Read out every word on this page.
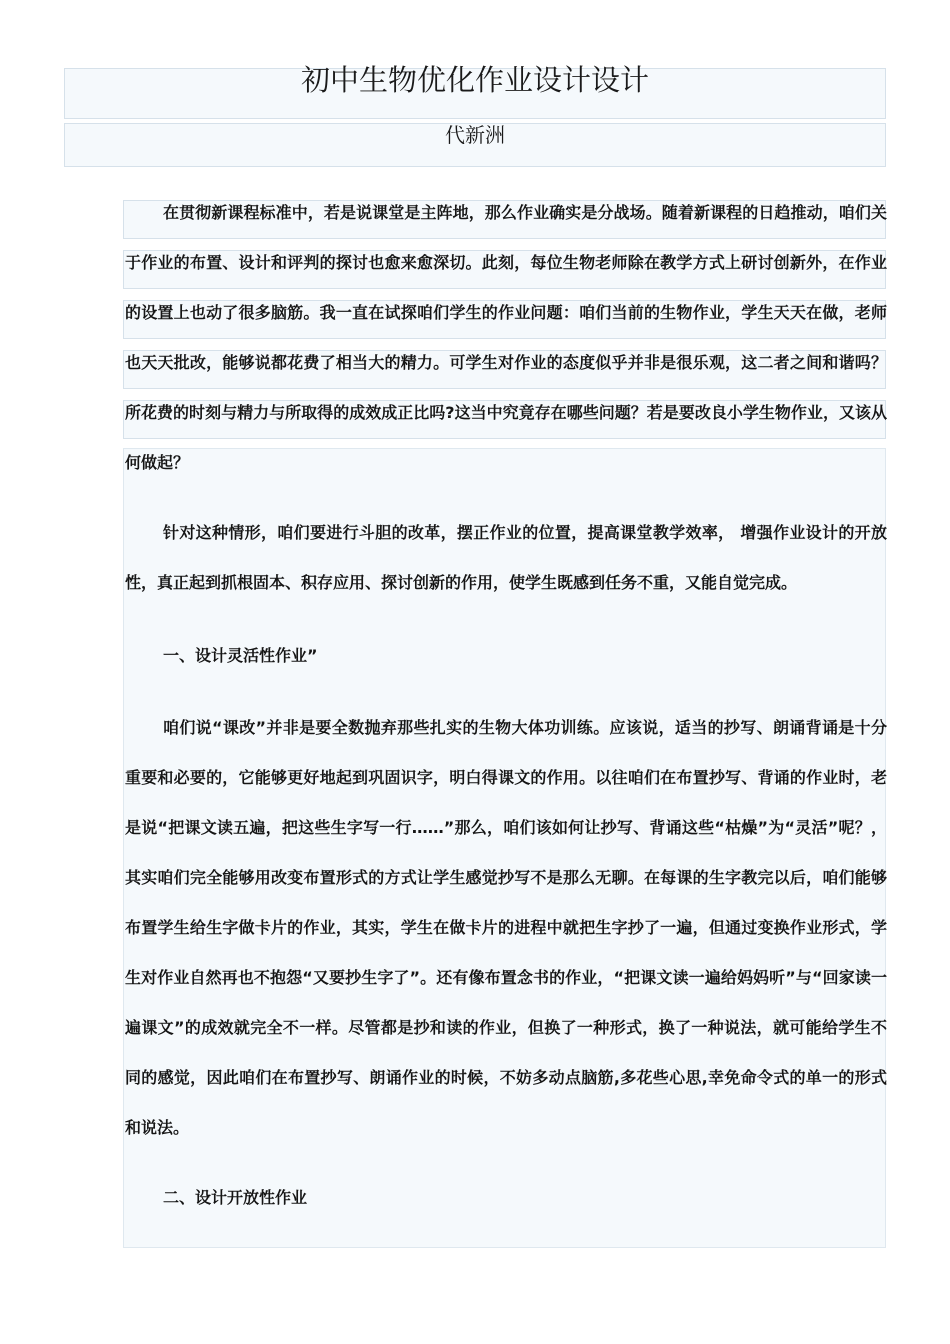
初中生物优化作业设计设计
代新洲

在贯彻新课程标准中，若是说课堂是主阵地，那么作业确实是分战场。随着新课程的日趋推动，咱们关于作业的布置、设计和评判的探讨也愈来愈深切。此刻，每位生物老师除在教学方式上研讨创新外，在作业的设置上也动了很多脑筋。我一直在试探咱们学生的作业问题：咱们当前的生物作业，学生天天在做，老师也天天批改，能够说都花费了相当大的精力。可学生对作业的态度似乎并非是很乐观，这二者之间和谐吗？所花费的时刻与精力与所取得的成效成正比吗?这当中究竟存在哪些问题？若是要改良小学生物作业，又该从何做起？

针对这种情形，咱们要进行斗胆的改革，摆正作业的位置，提高课堂教学效率， 增强作业设计的开放性，真正起到抓根固本、积存应用、探讨创新的作用，使学生既感到任务不重，又能自觉完成。

一、设计灵活性作业”

咱们说“课改”并非是要全数抛弃那些扎实的生物大体功训练。应该说，适当的抄写、朗诵背诵是十分重要和必要的，它能够更好地起到巩固识字，明白得课文的作用。以往咱们在布置抄写、背诵的作业时，老是说“把课文读五遍，把这些生字写一行……”那么，咱们该如何让抄写、背诵这些“枯燥”为“灵活”呢？，其实咱们完全能够用改变布置形式的方式让学生感觉抄写不是那么无聊。在每课的生字教完以后，咱们能够布置学生给生字做卡片的作业，其实，学生在做卡片的进程中就把生字抄了一遍，但通过变换作业形式，学生对作业自然再也不抱怨“又要抄生字了”。还有像布置念书的作业，“把课文读一遍给妈妈听”与“回家读一遍课文”的成效就完全不一样。尽管都是抄和读的作业，但换了一种形式，换了一种说法，就可能给学生不同的感觉，因此咱们在布置抄写、朗诵作业的时候，不妨多动点脑筋,多花些心思,幸免命令式的单一的形式和说法。

二、设计开放性作业
